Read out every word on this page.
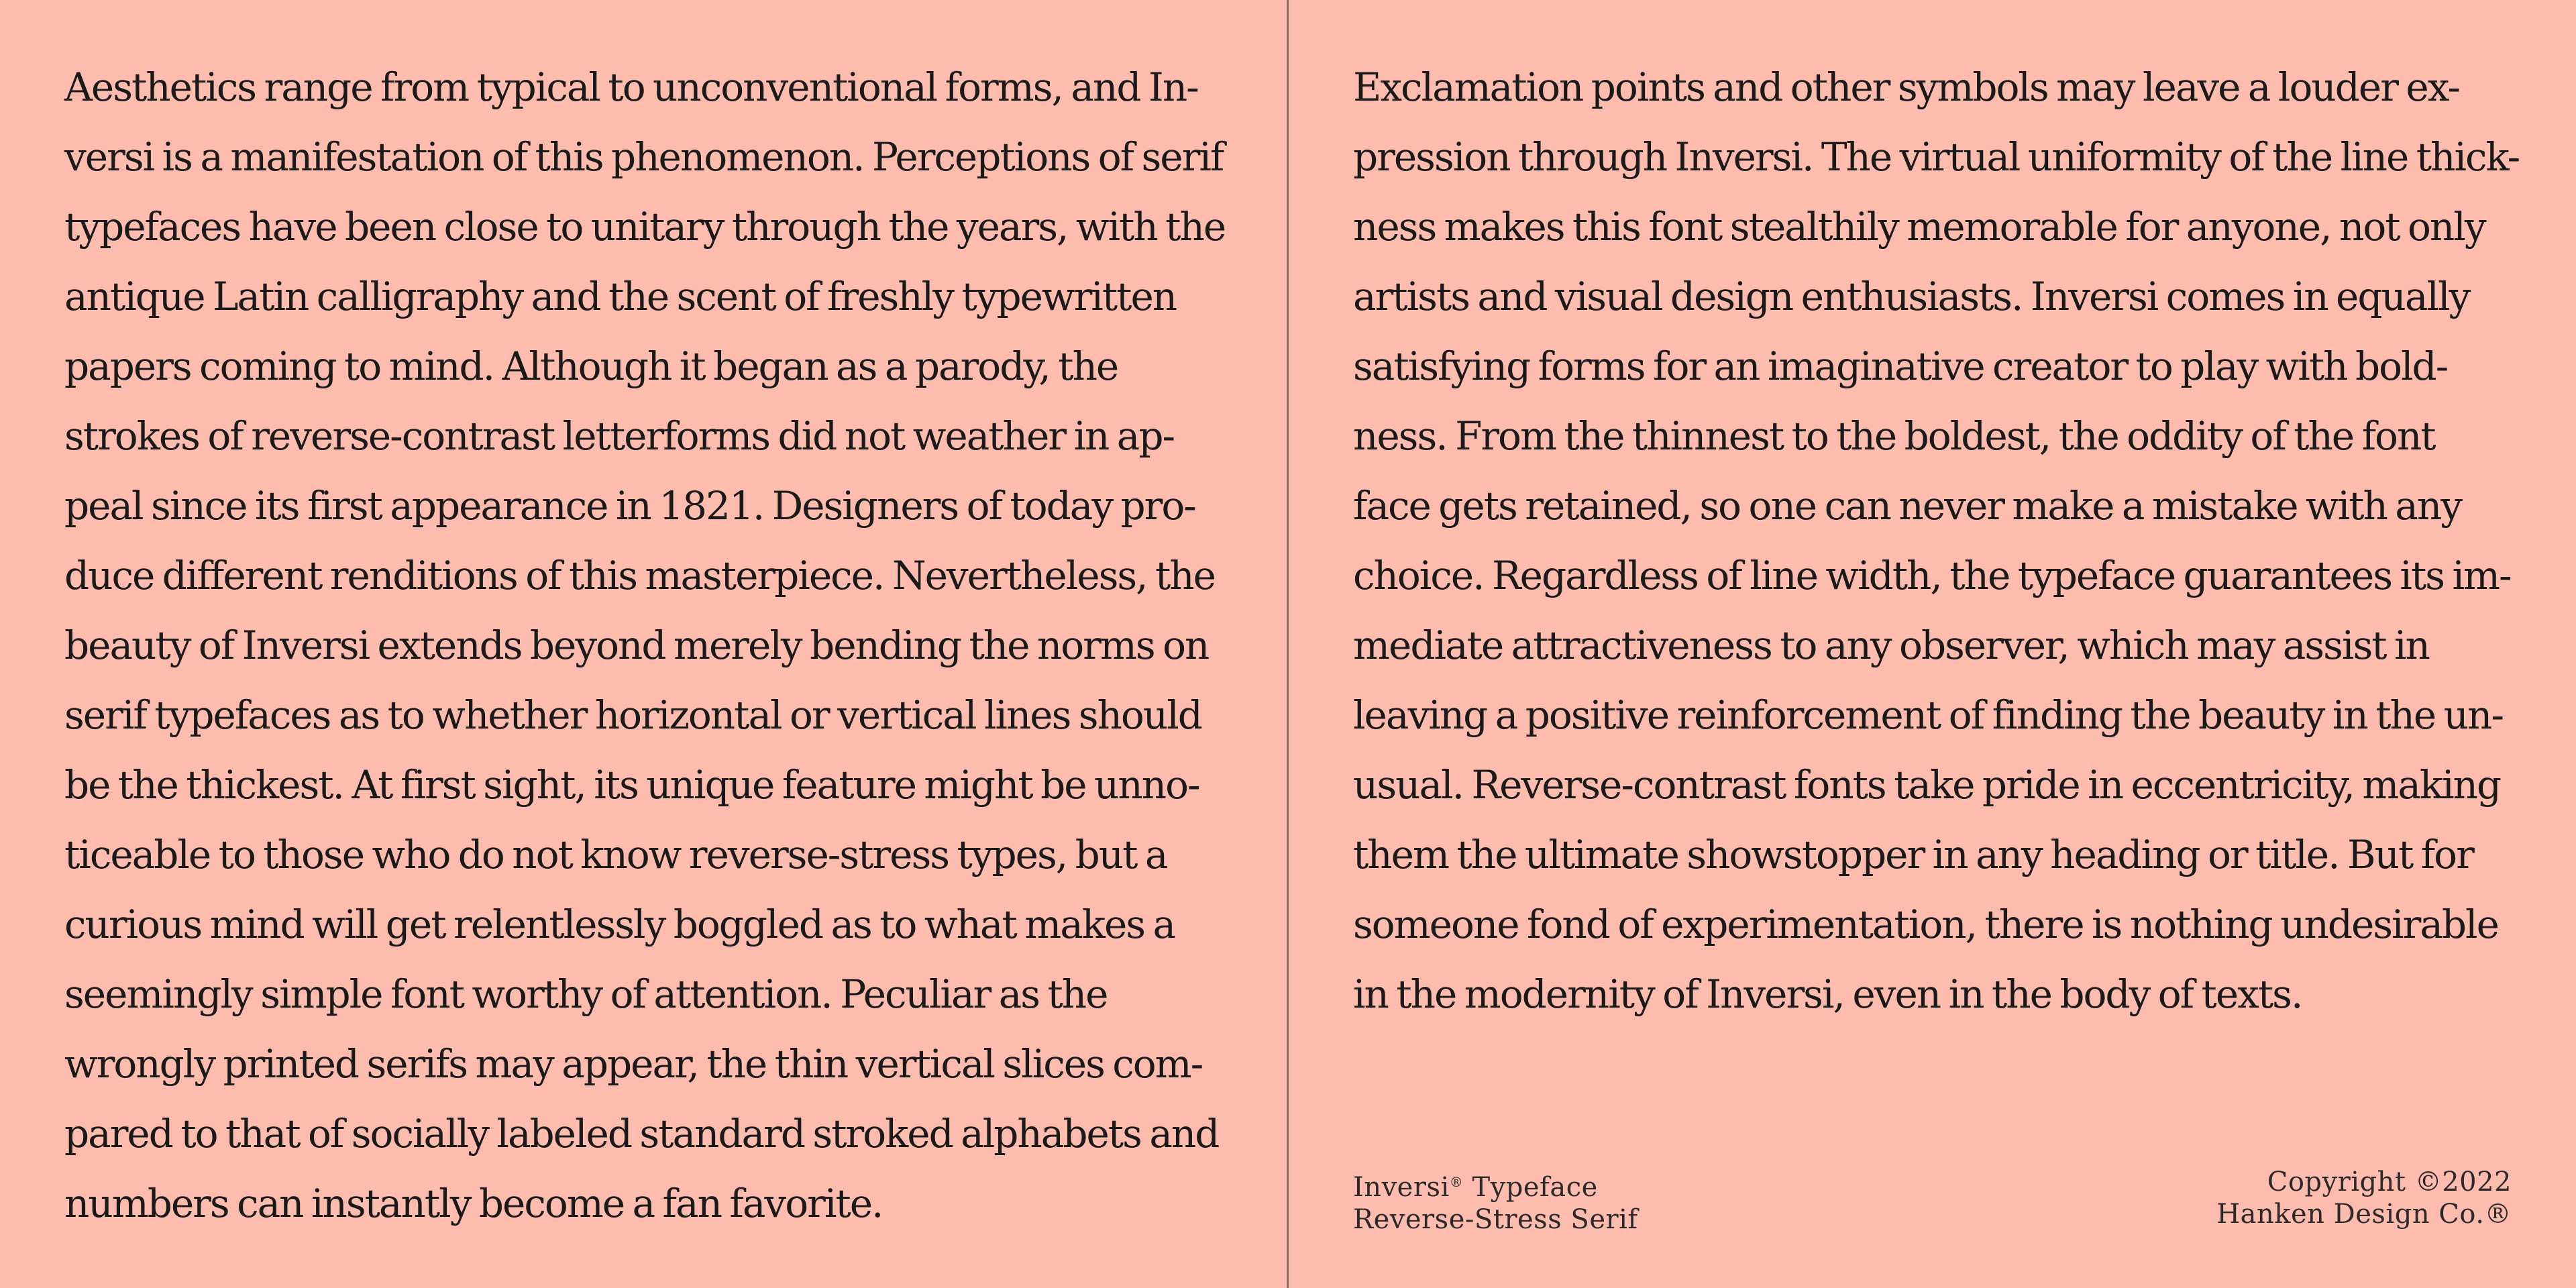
Aesthetics range from typical to unconventional forms, and In-
versi is a manifestation of this phenomenon. Perceptions of serif
typefaces have been close to unitary through the years, with the
antique Latin calligraphy and the scent of freshly typewritten
papers coming to mind. Although it began as a parody, the
strokes of reverse-contrast letterforms did not weather in ap-
peal since its first appearance in 1821. Designers of today pro-
duce different renditions of this masterpiece. Nevertheless, the
beauty of Inversi extends beyond merely bending the norms on
serif typefaces as to whether horizontal or vertical lines should
be the thickest. At first sight, its unique feature might be unno-
ticeable to those who do not know reverse-stress types, but a
curious mind will get relentlessly boggled as to what makes a
seemingly simple font worthy of attention. Peculiar as the
wrongly printed serifs may appear, the thin vertical slices com-
pared to that of socially labeled standard stroked alphabets and
numbers can instantly become a fan favorite.
Exclamation points and other symbols may leave a louder ex-
pression through Inversi. The virtual uniformity of the line thick-
ness makes this font stealthily memorable for anyone, not only
artists and visual design enthusiasts. Inversi comes in equally
satisfying forms for an imaginative creator to play with bold-
ness. From the thinnest to the boldest, the oddity of the font
face gets retained, so one can never make a mistake with any
choice. Regardless of line width, the typeface guarantees its im-
mediate attractiveness to any observer, which may assist in
leaving a positive reinforcement of finding the beauty in the un-
usual. Reverse-contrast fonts take pride in eccentricity, making
them the ultimate showstopper in any heading or title. But for
someone fond of experimentation, there is nothing undesirable
in the modernity of Inversi, even in the body of texts.
Inversi® Typeface
Reverse-Stress Serif
Copyright ©2022
Hanken Design Co.®
